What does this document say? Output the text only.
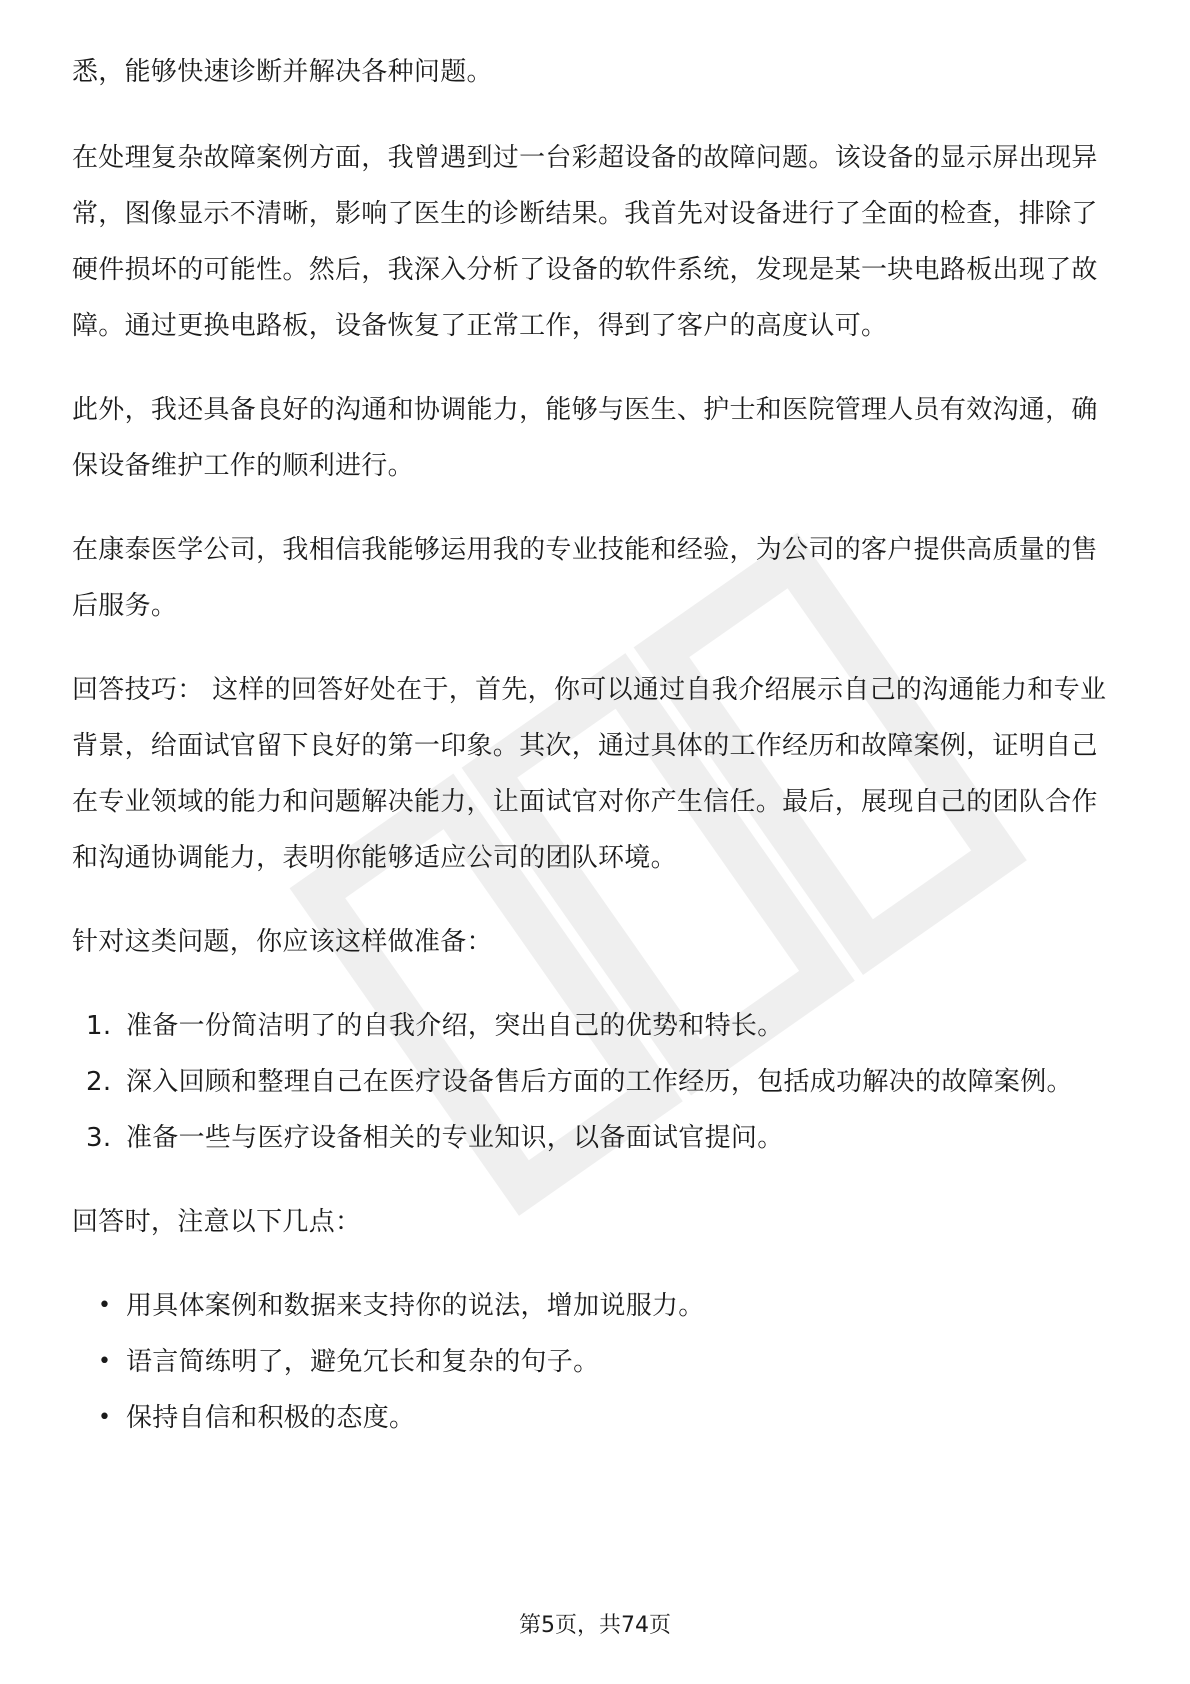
悉，能够快速诊断并解决各种问题。

在处理复杂故障案例方面，我曾遇到过一台彩超设备的故障问题。该设备的显示屏出现异常，图像显示不清晰，影响了医生的诊断结果。我首先对设备进行了全面的检查，排除了硬件损坏的可能性。然后，我深入分析了设备的软件系统，发现是某一块电路板出现了故障。通过更换电路板，设备恢复了正常工作，得到了客户的高度认可。

此外，我还具备良好的沟通和协调能力，能够与医生、护士和医院管理人员有效沟通，确保设备维护工作的顺利进行。

在康泰医学公司，我相信我能够运用我的专业技能和经验，为公司的客户提供高质量的售后服务。

回答技巧： 这样的回答好处在于，首先，你可以通过自我介绍展示自己的沟通能力和专业背景，给面试官留下良好的第一印象。其次，通过具体的工作经历和故障案例，证明自己在专业领域的能力和问题解决能力，让面试官对你产生信任。最后，展现自己的团队合作和沟通协调能力，表明你能够适应公司的团队环境。

针对这类问题，你应该这样做准备：

1. 准备一份简洁明了的自我介绍，突出自己的优势和特长。
2. 深入回顾和整理自己在医疗设备售后方面的工作经历，包括成功解决的故障案例。
3. 准备一些与医疗设备相关的专业知识，以备面试官提问。

回答时，注意以下几点：

• 用具体案例和数据来支持你的说法，增加说服力。
• 语言简练明了，避免冗长和复杂的句子。
• 保持自信和积极的态度。
第5页，共74页
